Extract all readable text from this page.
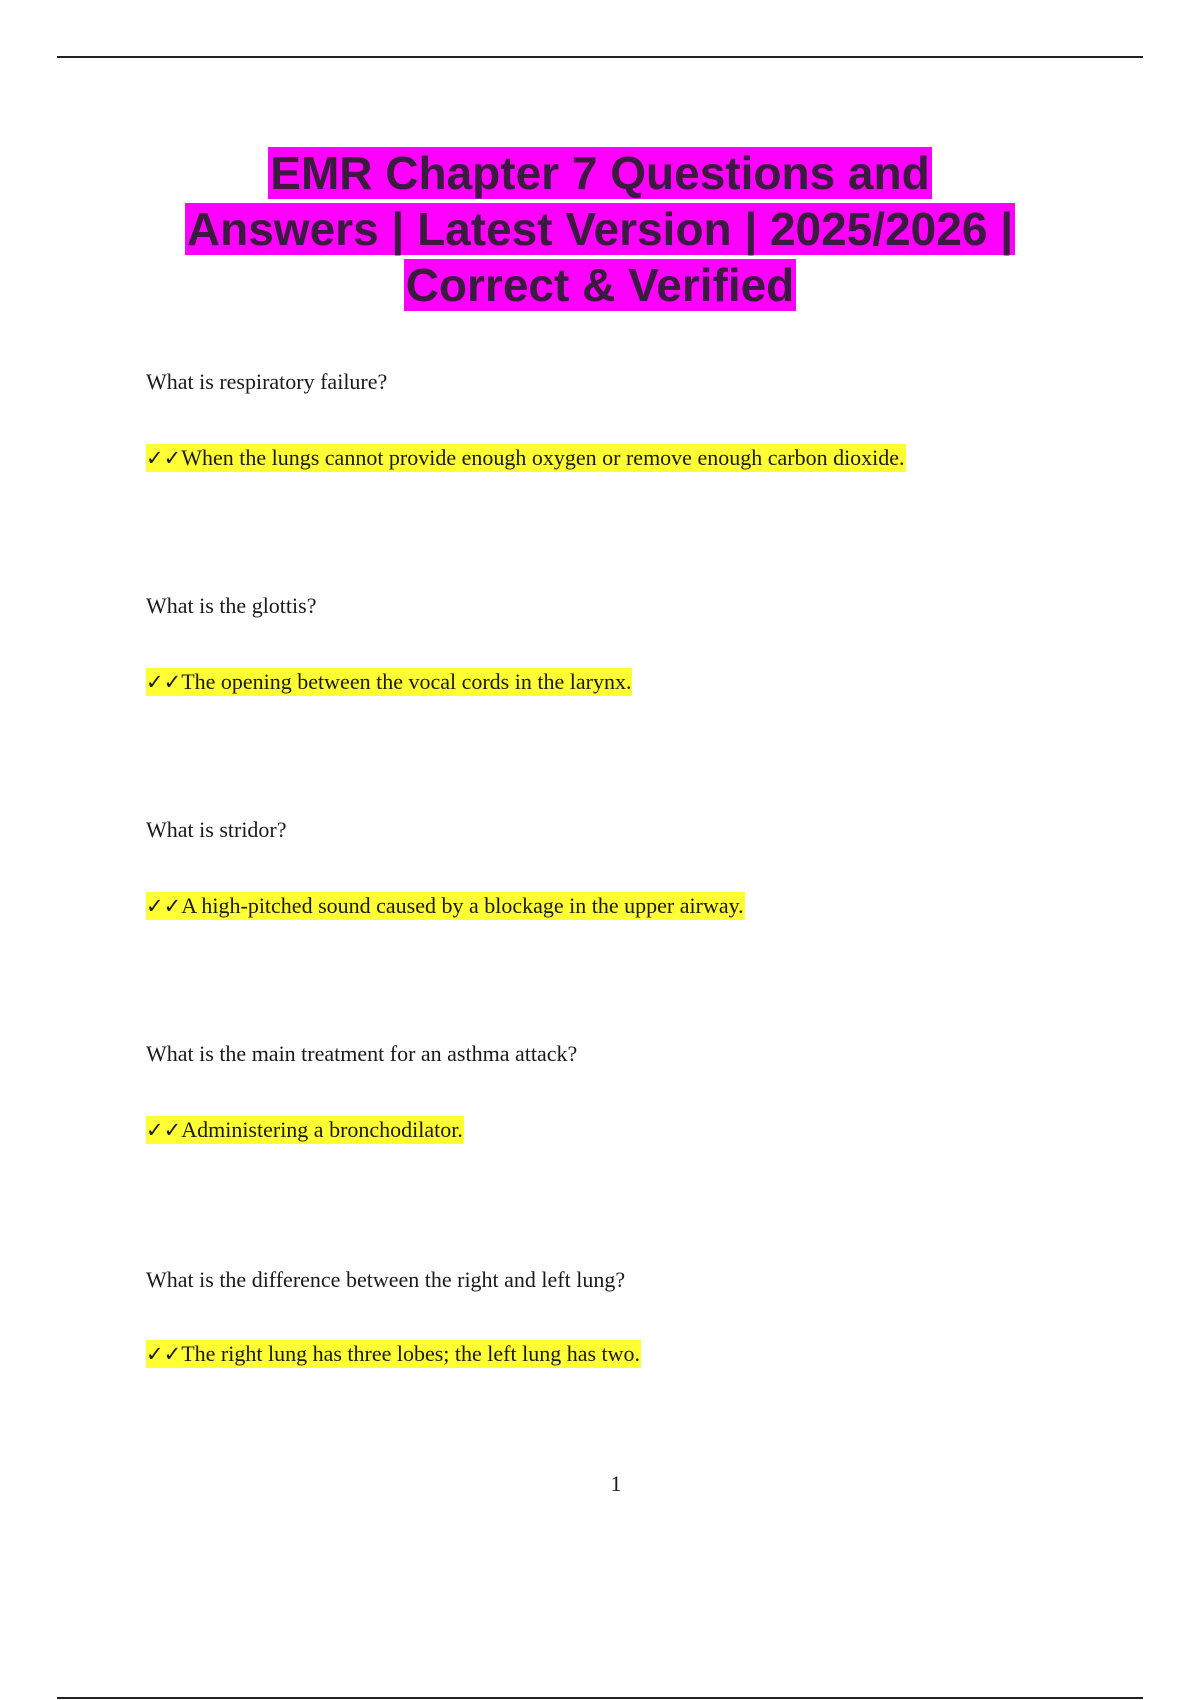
EMR Chapter 7 Questions and
Answers | Latest Version | 2025/2026 |
Correct & Verified

What is respiratory failure?

✓✓When the lungs cannot provide enough oxygen or remove enough carbon dioxide.

What is the glottis?

✓✓The opening between the vocal cords in the larynx.

What is stridor?

✓✓A high-pitched sound caused by a blockage in the upper airway.

What is the main treatment for an asthma attack?

✓✓Administering a bronchodilator.

What is the difference between the right and left lung?

✓✓The right lung has three lobes; the left lung has two.

1
